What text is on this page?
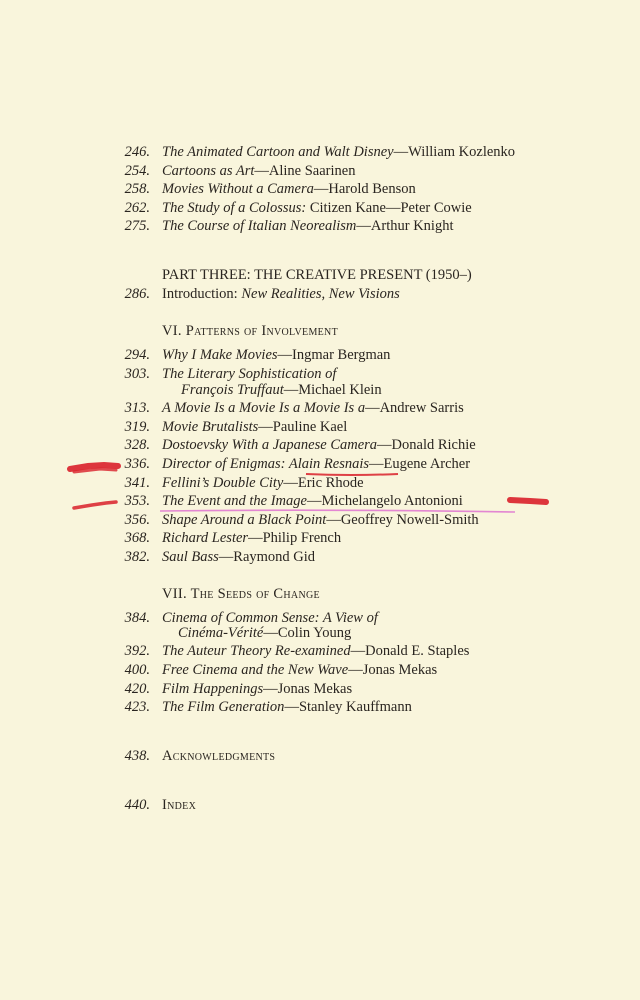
246. The Animated Cartoon and Walt Disney—William Kozlenko
254. Cartoons as Art—Aline Saarinen
258. Movies Without a Camera—Harold Benson
262. The Study of a Colossus: Citizen Kane—Peter Cowie
275. The Course of Italian Neorealism—Arthur Knight
PART THREE: THE CREATIVE PRESENT (1950–)
286. Introduction: New Realities, New Visions
VI. Patterns of Involvement
294. Why I Make Movies—Ingmar Bergman
303. The Literary Sophistication of
François Truffaut—Michael Klein
313. A Movie Is a Movie Is a Movie Is a—Andrew Sarris
319. Movie Brutalists—Pauline Kael
328. Dostoevsky With a Japanese Camera—Donald Richie
336. Director of Enigmas: Alain Resnais—Eugene Archer
341. Fellini’s Double City—Eric Rhode
353. The Event and the Image—Michelangelo Antonioni
356. Shape Around a Black Point—Geoffrey Nowell-Smith
368. Richard Lester—Philip French
382. Saul Bass—Raymond Gid
VII. The Seeds of Change
384. Cinema of Common Sense: A View of
Cinéma-Vérité—Colin Young
392. The Auteur Theory Re-examined—Donald E. Staples
400. Free Cinema and the New Wave—Jonas Mekas
420. Film Happenings—Jonas Mekas
423. The Film Generation—Stanley Kauffmann
438. Acknowledgments
440. Index
